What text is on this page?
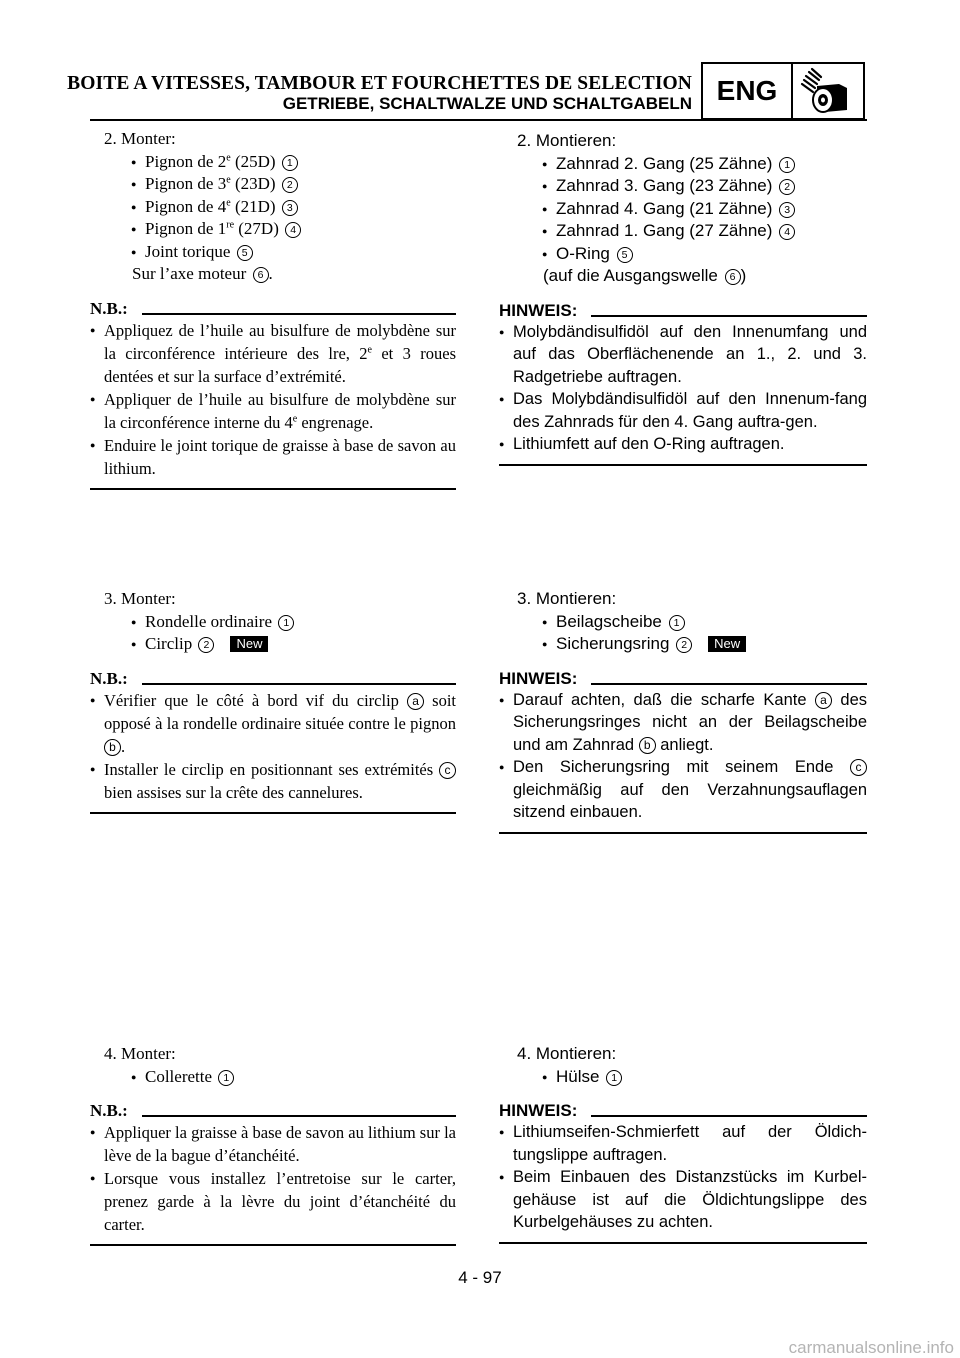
BOITE A VITESSES, TAMBOUR ET FOURCHETTES DE SELECTION
GETRIEBE, SCHALTWALZE UND SCHALTGABELN ENG
2. Monter:
● Pignon de 2e (25D) 1
● Pignon de 3e (23D) 2
● Pignon de 4e (21D) 3
● Pignon de 1re (27D) 4
● Joint torique 5
Sur l’axe moteur 6 .
N.B.:
● Appliquez de l’huile au bisulfure de molybdène sur la circonférence intérieure des lre, 2e et 3 roues dentées et sur la surface d’extrémité.
● Appliquer de l’huile au bisulfure de molybdène sur la circonférence interne du 4e engrenage.
● Enduire le joint torique de graisse à base de savon au lithium.
3. Monter:
● Rondelle ordinaire 1
● Circlip 2 New
N.B.:
● Vérifier que le côté à bord vif du circlip a soit opposé à la rondelle ordinaire située contre le pignon b .
● Installer le circlip en positionnant ses extrémités c bien assises sur la crête des cannelures.
4. Monter:
● Collerette 1
N.B.:
● Appliquer la graisse à base de savon au lithium sur la lève de la bague d’étanchéité.
● Lorsque vous installez l’entretoise sur le carter, prenez garde à la lèvre du joint d’étanchéité du carter.
2. Montieren:
● Zahnrad 2. Gang (25 Zähne) 1
● Zahnrad 3. Gang (23 Zähne) 2
● Zahnrad 4. Gang (21 Zähne) 3
● Zahnrad 1. Gang (27 Zähne) 4
● O-Ring 5
(auf die Ausgangswelle 6 )
HINWEIS:
● Molybdändisulfidöl auf den Innenumfang und auf das Oberflächenende an 1., 2. und 3. Radgetriebe auftragen.
● Das Molybdändisulfidöl auf den Innenum-fang des Zahnrads für den 4. Gang auftra-gen.
● Lithiumfett auf den O-Ring auftragen.
3. Montieren:
● Beilagscheibe 1
● Sicherungsring 2 New
HINWEIS:
● Darauf achten, daß die scharfe Kante a des Sicherungsringes nicht an der Beilagscheibe und am Zahnrad b anliegt.
● Den Sicherungsring mit seinem Ende c gleichmäßig auf den Verzahnungsauflagen sitzend einbauen.
4. Montieren:
● Hülse 1
HINWEIS:
● Lithiumseifen-Schmierfett auf der Öldich-tungslippe auftragen.
● Beim Einbauen des Distanzstücks im Kurbel-gehäuse ist auf die Öldichtungslippe des Kurbelgehäuses zu achten.
4 - 97
carmanualsonline.info
